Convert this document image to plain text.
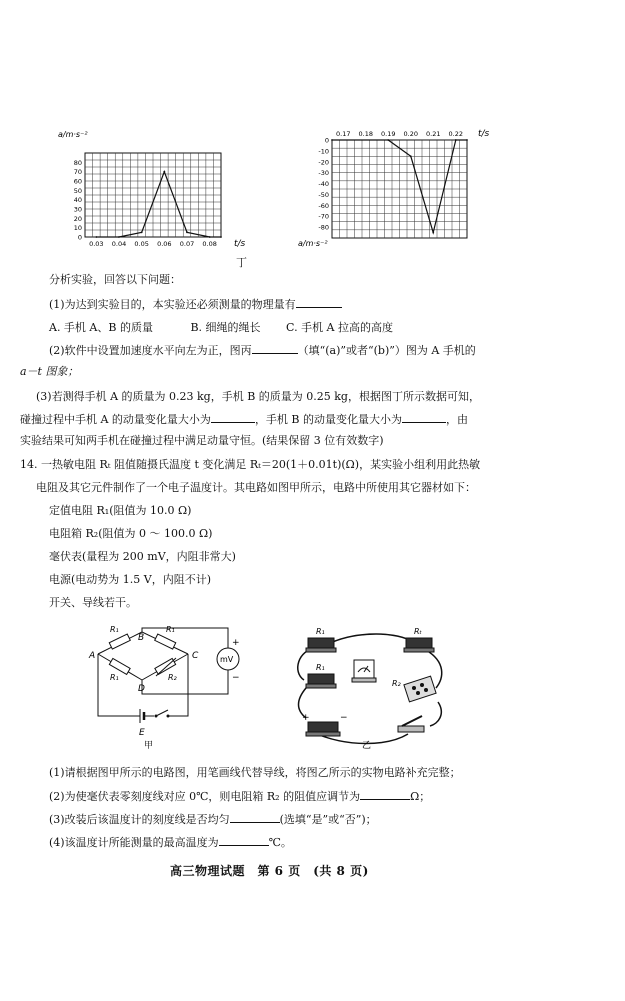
a/m·s⁻²
0
10
20
30
40
50
60
70
80
0.03 0.04 0.05 0.06 0.07 0.08 t/s
0
-10
-20
-30
-40
-50
-60
-70
-80
0.17 0.18 0.19 0.20 0.21 0.22 t/s
a/m·s⁻²
丁
分析实验，回答以下问题：
(1)为达到实验目的，本实验还必须测量的物理量有
A. 手机 A、B 的质量	B. 细绳的绳长 C. 手机 A 拉高的高度
(2)软件中设置加速度水平向左为正，图丙	（填“(a)”或者“(b)”）图为 A 手机的
a－t 图象；
(3)若测得手机 A 的质量为 0.23 kg，手机 B 的质量为 0.25 kg，根据图丁所示数据可知，
碰撞过程中手机 A 的动量变化量大小为	，手机 B 的动量变化量大小为	，由
实验结果可知两手机在碰撞过程中满足动量守恒。(结果保留 3 位有效数字)
14. 一热敏电阻 Rₜ 阻值随摄氏温度 t 变化满足 Rₜ＝20(1＋0.01t)(Ω)，某实验小组利用此热敏
电阻及其它元件制作了一个电子温度计。其电路如图甲所示，电路中所使用其它器材如下：
定值电阻 R₁(阻值为 10.0 Ω)
电阻箱 R₂(阻值为 0 ～ 100.0 Ω)
毫伏表(量程为 200 mV，内阻非常大)
电源(电动势为 1.5 V，内阻不计)
开关、导线若干。
mV
+
−
R₁	R₁
R₁	R₂
A
B
C
D
E
甲
R₁	Rₜ
R₁
R₂
+	−
乙
(1)请根据图甲所示的电路图，用笔画线代替导线，将图乙所示的实物电路补充完整；
(2)为使毫伏表零刻度线对应 0℃，则电阻箱 R₂ 的阻值应调节为	Ω；
(3)改装后该温度计的刻度线是否均匀	(选填“是”或“否”)；
(4)该温度计所能测量的最高温度为	℃。
高三物理试题　第 6 页　(共 8 页)
